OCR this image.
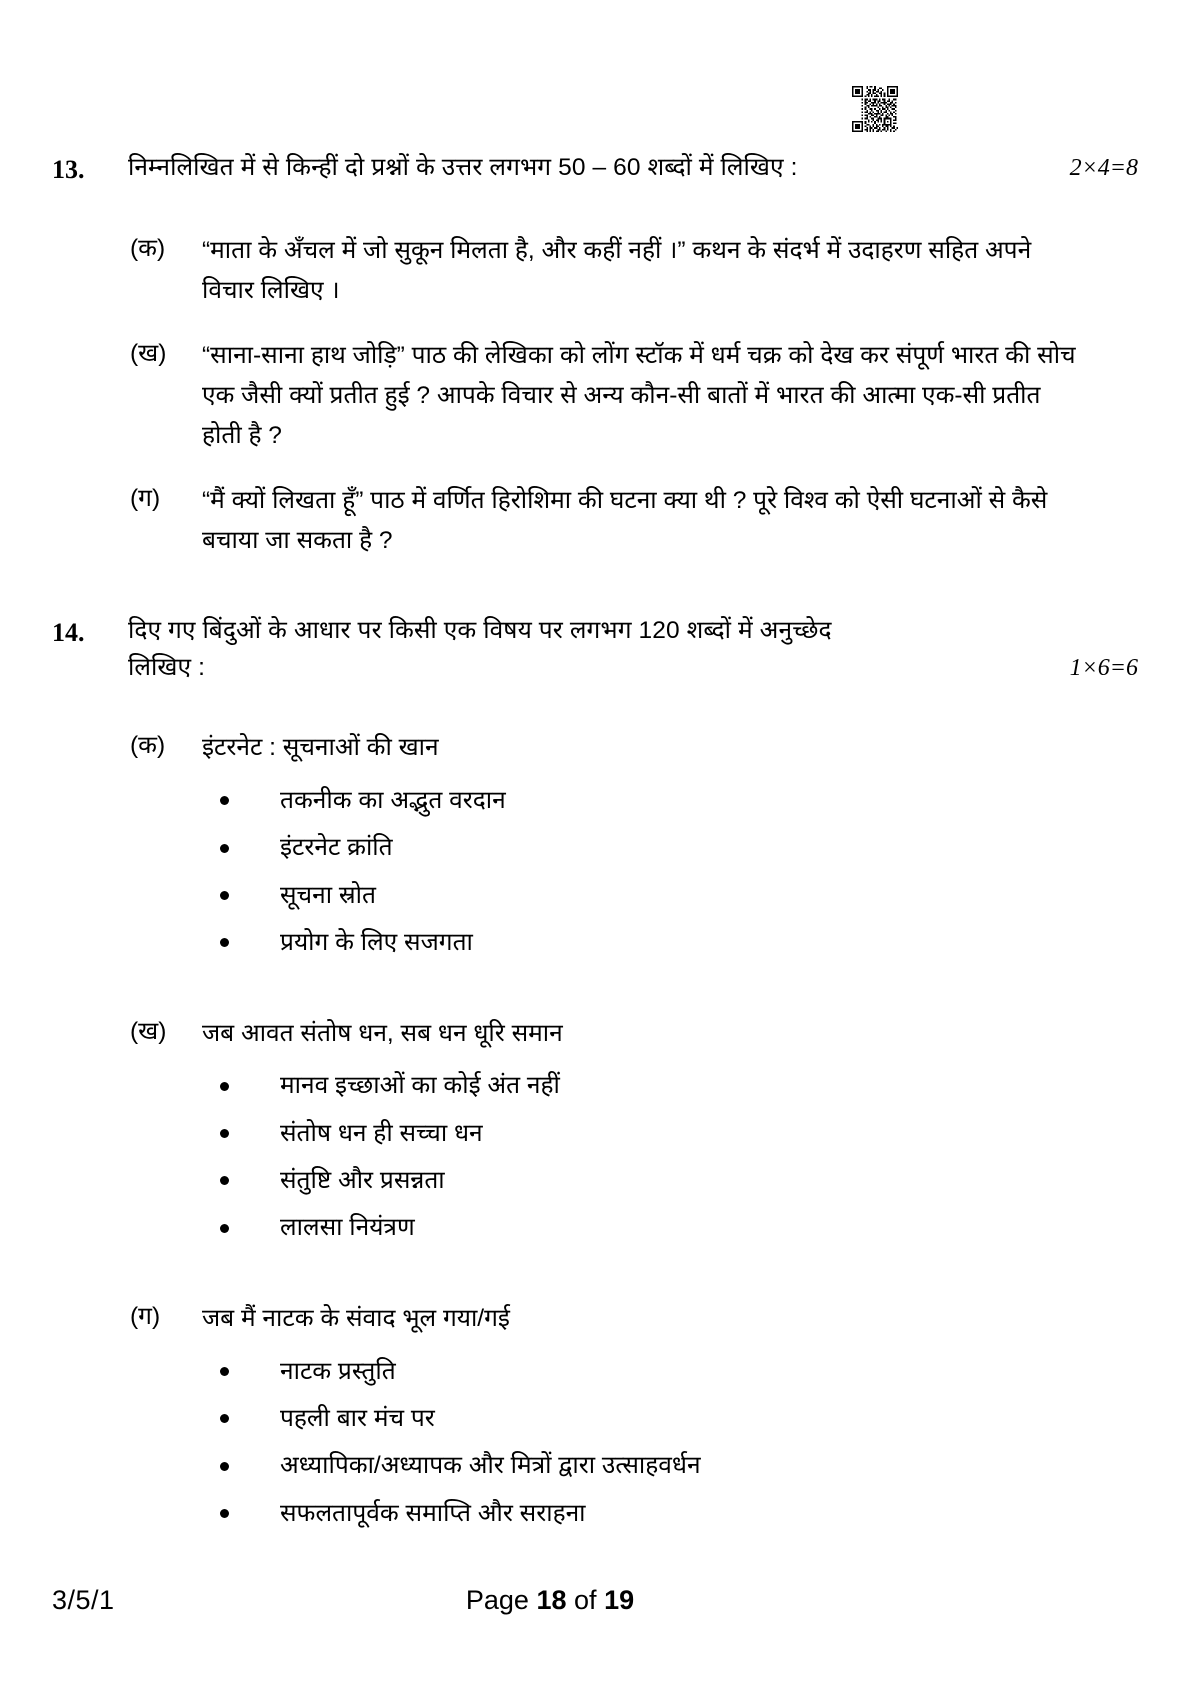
13.	निम्नलिखित में से किन्हीं दो प्रश्नों के उत्तर लगभग 50 – 60 शब्दों में लिखिए :	2×4=8
(क)	“माता के अँचल में जो सुकून मिलता है, और कहीं नहीं ।” कथन के संदर्भ में उदाहरण सहित अपने विचार लिखिए ।
(ख)	“साना-साना हाथ जोड़ि” पाठ की लेखिका को लोंग स्टॉक में धर्म चक्र को देख कर संपूर्ण भारत की सोच एक जैसी क्यों प्रतीत हुई ? आपके विचार से अन्य कौन-सी बातों में भारत की आत्मा एक-सी प्रतीत होती है ?
(ग)	“मैं क्यों लिखता हूँ” पाठ में वर्णित हिरोशिमा की घटना क्या थी ? पूरे विश्व को ऐसी घटनाओं से कैसे बचाया जा सकता है ?
14.	दिए गए बिंदुओं के आधार पर किसी एक विषय पर लगभग 120 शब्दों में अनुच्छेद
लिखिए :	1×6=6
(क)	इंटरनेट : सूचनाओं की खान
तकनीक का अद्भुत वरदान
इंटरनेट क्रांति
सूचना स्रोत
प्रयोग के लिए सजगता
(ख)	जब आवत संतोष धन, सब धन धूरि समान
मानव इच्छाओं का कोई अंत नहीं
संतोष धन ही सच्चा धन
संतुष्टि और प्रसन्नता
लालसा नियंत्रण
(ग)	जब मैं नाटक के संवाद भूल गया/गई
नाटक प्रस्तुति
पहली बार मंच पर
अध्यापिका/अध्यापक और मित्रों द्वारा उत्साहवर्धन
सफलतापूर्वक समाप्ति और सराहना
3/5/1	Page 18 of 19
